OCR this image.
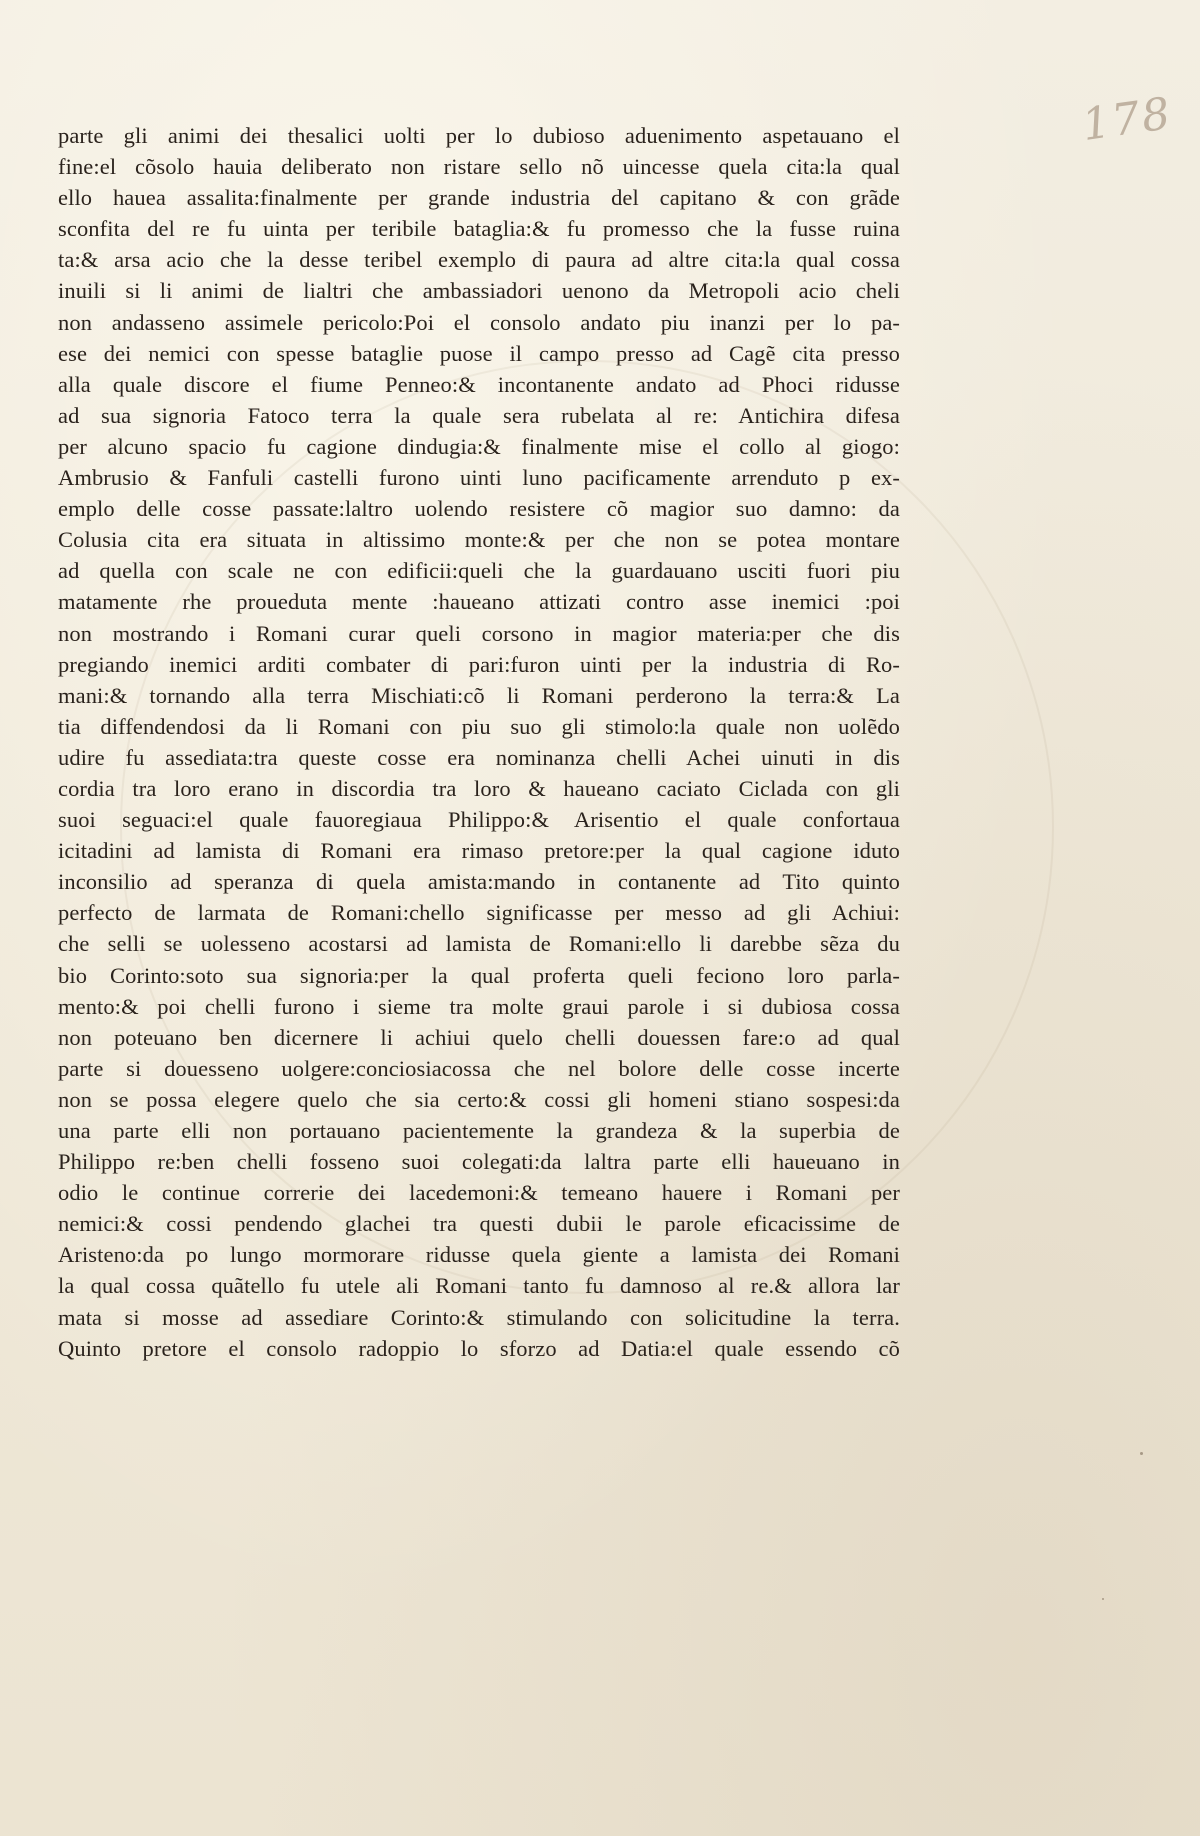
178
parte gli animi dei thesalici uolti per lo dubioso aduenimento aspetauano el
fine:el cõsolo hauia deliberato non ristare sello nõ uincesse quela cita:la qual
ello hauea assalita:finalmente per grande industria del capitano & con grãde
sconfita del re fu uinta per teribile bataglia:& fu promesso che la fusse ruina
ta:& arsa acio che la desse teribel exemplo di paura ad altre cita:la qual cossa
inuili si li animi de lialtri che ambassiadori uenono da Metropoli acio cheli
non andasseno assimele pericolo:Poi el consolo andato piu inanzi per lo pa-
ese dei nemici con spesse bataglie puose il campo presso ad Cagẽ cita presso
alla quale discore el fiume Penneo:& incontanente andato ad Phoci ridusse
ad sua signoria Fatoco terra la quale sera rubelata al re: Antichira difesa
per alcuno spacio fu cagione dindugia:& finalmente mise el collo al giogo:
Ambrusio & Fanfuli castelli furono uinti luno pacificamente arrenduto p ex-
emplo delle cosse passate:laltro uolendo resistere cõ magior suo damno: da
Colusia cita era situata in altissimo monte:& per che non se potea montare
ad quella con scale ne con edificii:queli che la guardauano usciti fuori piu
matamente rhe proueduta mente :haueano attizati contro asse inemici :poi
non mostrando i Romani curar queli corsono in magior materia:per che dis
pregiando inemici arditi combater di pari:furon uinti per la industria di Ro-
mani:& tornando alla terra Mischiati:cõ li Romani perderono la terra:& La
tia diffendendosi da li Romani con piu suo gli stimolo:la quale non uolẽdo
udire fu assediata:tra queste cosse era nominanza chelli Achei uinuti in dis
cordia tra loro erano in discordia tra loro & haueano caciato Ciclada con gli
suoi seguaci:el quale fauoregiaua Philippo:& Arisentio el quale confortaua
icitadini ad lamista di Romani era rimaso pretore:per la qual cagione iduto
inconsilio ad speranza di quela amista:mando in contanente ad Tito quinto
perfecto de larmata de Romani:chello significasse per messo ad gli Achiui:
che selli se uolesseno acostarsi ad lamista de Romani:ello li darebbe sẽza du
bio Corinto:soto sua signoria:per la qual proferta queli feciono loro parla-
mento:& poi chelli furono i sieme tra molte graui parole i si dubiosa cossa
non poteuano ben dicernere li achiui quelo chelli douessen fare:o ad qual
parte si douesseno uolgere:conciosiacossa che nel bolore delle cosse incerte
non se possa elegere quelo che sia certo:& cossi gli homeni stiano sospesi:da
una parte elli non portauano pacientemente la grandeza & la superbia de
Philippo re:ben chelli fosseno suoi colegati:da laltra parte elli haueuano in
odio le continue correrie dei lacedemoni:& temeano hauere i Romani per
nemici:& cossi pendendo glachei tra questi dubii le parole eficacissime de
Aristeno:da po lungo mormorare ridusse quela giente a lamista dei Romani
la qual cossa quãtello fu utele ali Romani tanto fu damnoso al re.& allora lar
mata si mosse ad assediare Corinto:& stimulando con solicitudine la terra.
Quinto pretore el consolo radoppio lo sforzo ad Datia:el quale essendo cõ
